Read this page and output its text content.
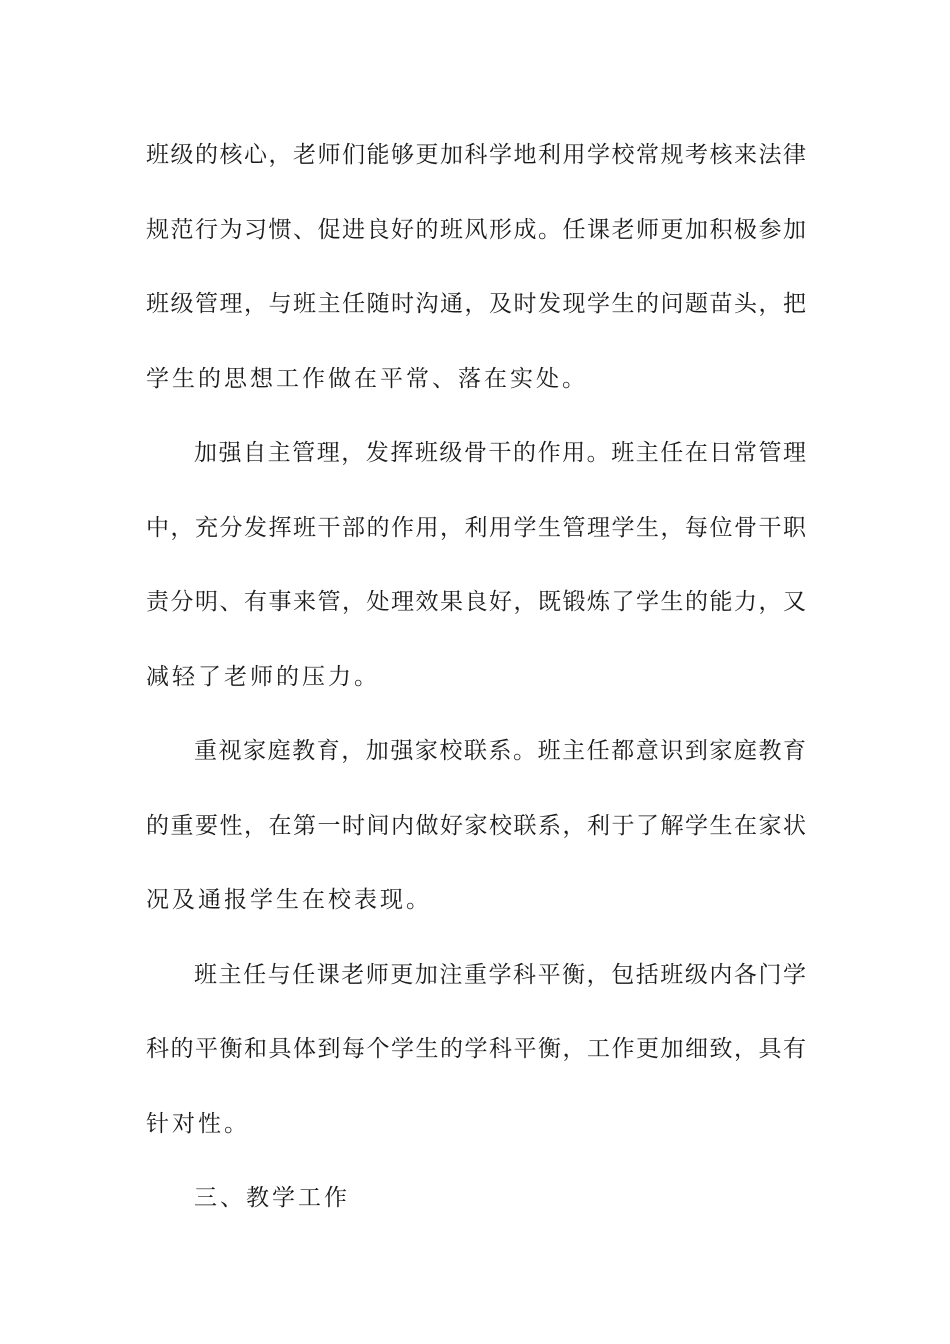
班级的核心，老师们能够更加科学地利用学校常规考核来法律
规范行为习惯、促进良好的班风形成。任课老师更加积极参加
班级管理，与班主任随时沟通，及时发现学生的问题苗头，把
学生的思想工作做在平常、落在实处。
加强自主管理，发挥班级骨干的作用。班主任在日常管理
中，充分发挥班干部的作用，利用学生管理学生，每位骨干职
责分明、有事来管，处理效果良好，既锻炼了学生的能力，又
减轻了老师的压力。
重视家庭教育，加强家校联系。班主任都意识到家庭教育
的重要性，在第一时间内做好家校联系，利于了解学生在家状
况及通报学生在校表现。
班主任与任课老师更加注重学科平衡，包括班级内各门学
科的平衡和具体到每个学生的学科平衡，工作更加细致，具有
针对性。
三、教学工作
